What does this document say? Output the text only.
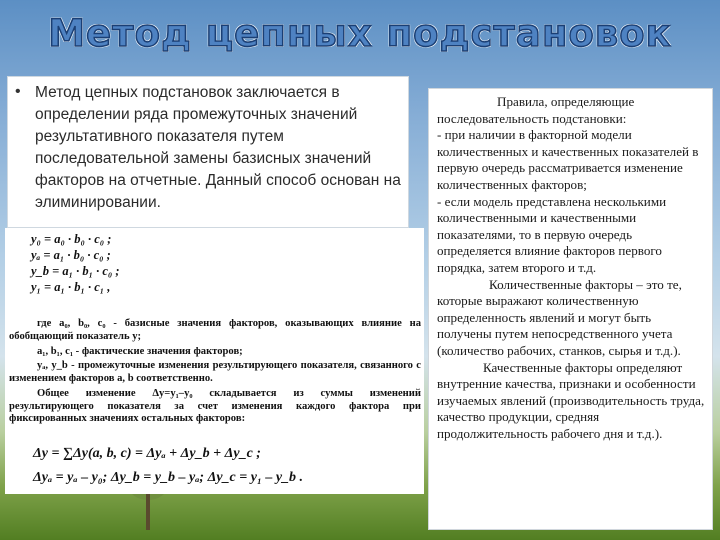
Метод цепных подстановок
• Метод цепных подстановок заключается в определении ряда промежуточных значений результативного показателя путем последовательной замены базисных значений факторов на отчетные. Данный способ основан на элиминировании.
y₀ = a₀ · b₀ · c₀ ;
yₐ = a₁ · b₀ · c₀ ;
y_b = a₁ · b₁ · c₀ ;
y₁ = a₁ · b₁ · c₁ ,

где a₀, b₀, c₀ - базисные значения факторов, оказывающих влияние на обобщающий показатель y;

a₁, b₁, c₁ - фактические значения факторов;

yₐ, y_b - промежуточные изменения результирующего показателя, связанного с изменением факторов a, b соответственно.

Общее изменение Δy=y₁–y₀ складывается из суммы изменений результирующего показателя за счет изменения каждого фактора при фиксированных значениях остальных факторов:

Δy = ∑Δy(a, b, c) = Δyₐ + Δy_b + Δy_c ;
Δyₐ = yₐ – y₀; Δy_b = y_b – yₐ; Δy_c = y₁ – y_b .

Правила, определяющие последовательность подстановки:

- при наличии в факторной модели количественных и качественных показателей в первую очередь рассматривается изменение количественных факторов;

- если модель представлена несколькими количественными и качественными показателями, то в первую очередь определяется влияние факторов первого порядка, затем второго и т.д.

Количественные факторы – это те, которые выражают количественную определенность явлений и могут быть получены путем непосредственного учета (количество рабочих, станков, сырья и т.д.).

Качественные факторы определяют внутренние качества, признаки и особенности изучаемых явлений (производительность труда, качество продукции, средняя продолжительность рабочего дня и т.д.).
